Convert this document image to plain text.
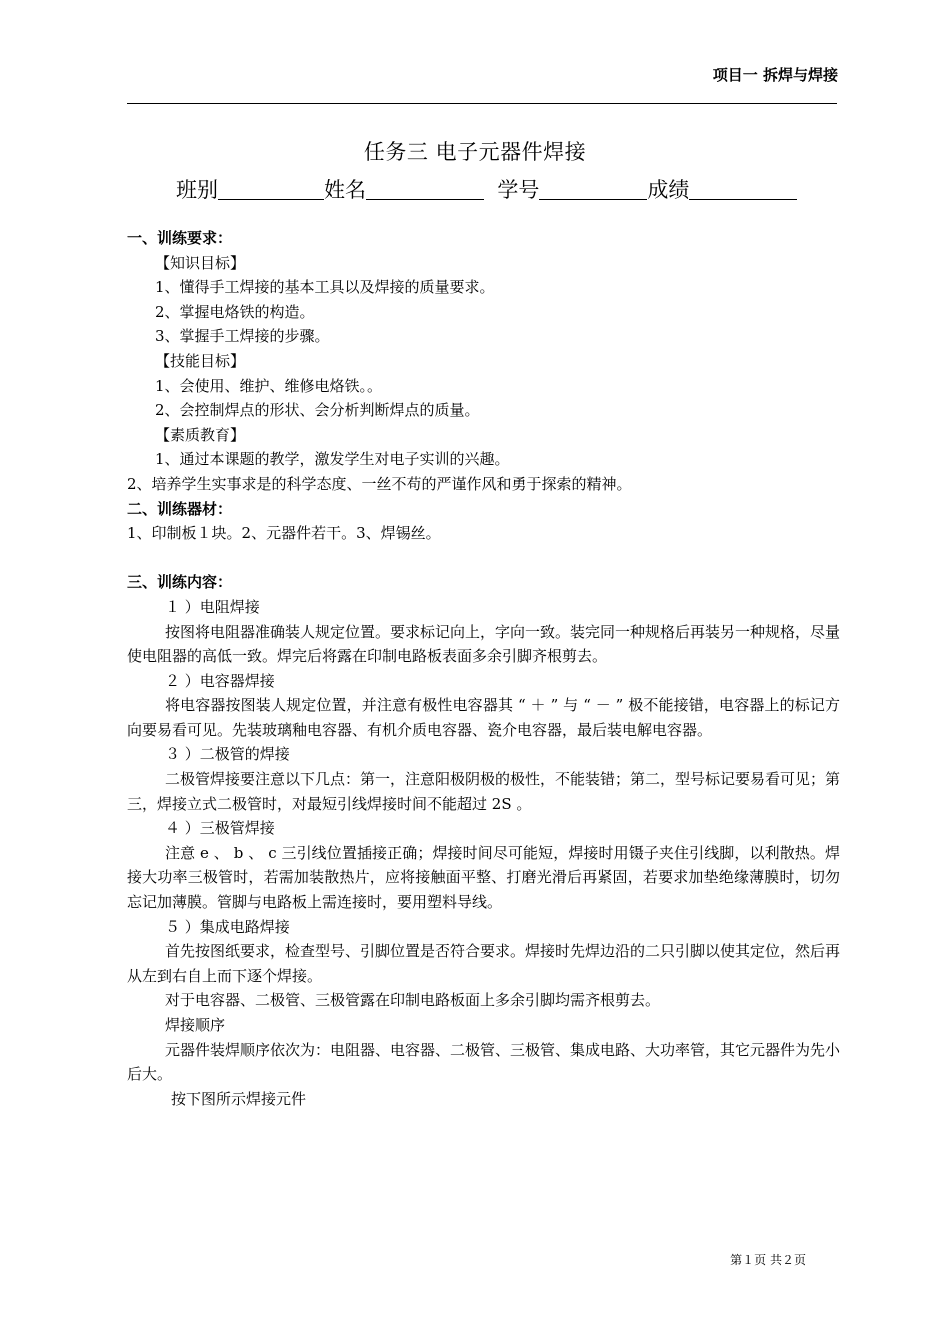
项目一 拆焊与焊接
任务三 电子元器件焊接
班别	姓名	学号	成绩
一、训练要求：
【知识目标】
1、懂得手工焊接的基本工具以及焊接的质量要求。
2、掌握电烙铁的构造。
3、掌握手工焊接的步骤。
【技能目标】
1、会使用、维护、维修电烙铁。。
2、会控制焊点的形状、会分析判断焊点的质量。
【素质教育】
1、通过本课题的教学，激发学生对电子实训的兴趣。
2、培养学生实事求是的科学态度、一丝不苟的严谨作风和勇于探索的精神。
二、训练器材：
1、印制板１块。2、元器件若干。3、焊锡丝。
三、训练内容：
１ ）电阻焊接
按图将电阻器准确装人规定位置。要求标记向上，字向一致。装完同一种规格后再装另一种规格，尽量使电阻器的高低一致。焊完后将露在印制电路板表面多余引脚齐根剪去。
２ ）电容器焊接
将电容器按图装人规定位置，并注意有极性电容器其 “ ＋ ” 与 “ － ” 极不能接错，电容器上的标记方向要易看可见。先装玻璃釉电容器、有机介质电容器、瓷介电容器，最后装电解电容器。
３ ）二极管的焊接
二极管焊接要注意以下几点：第一，注意阳极阴极的极性，不能装错；第二，型号标记要易看可见；第三，焊接立式二极管时，对最短引线焊接时间不能超过 2S 。
４ ）三极管焊接
注意 e 、 b 、 c 三引线位置插接正确；焊接时间尽可能短，焊接时用镊子夹住引线脚，以利散热。焊接大功率三极管时，若需加装散热片，应将接触面平整、打磨光滑后再紧固，若要求加垫绝缘薄膜时，切勿忘记加薄膜。管脚与电路板上需连接时，要用塑料导线。
５ ）集成电路焊接
首先按图纸要求，检查型号、引脚位置是否符合要求。焊接时先焊边沿的二只引脚以使其定位，然后再从左到右自上而下逐个焊接。
对于电容器、二极管、三极管露在印制电路板面上多余引脚均需齐根剪去。
焊接顺序
元器件装焊顺序依次为：电阻器、电容器、二极管、三极管、集成电路、大功率管，其它元器件为先小后大。
按下图所示焊接元件
第１页 共２页
